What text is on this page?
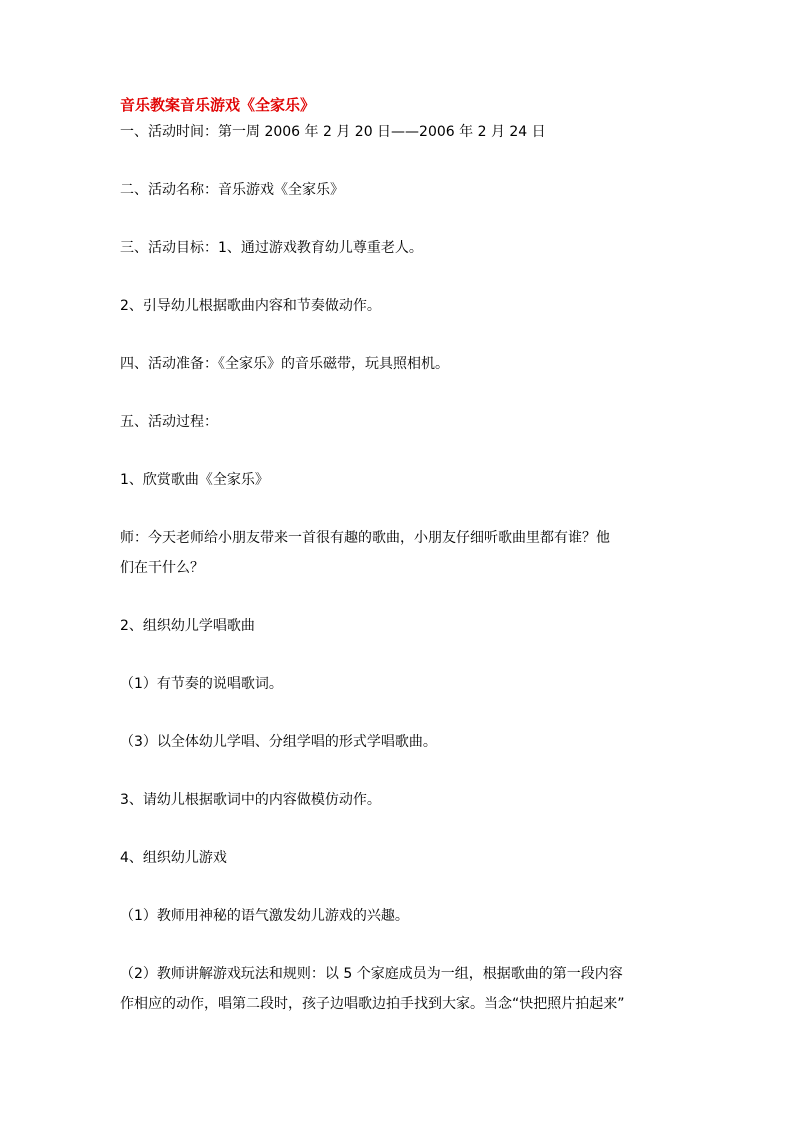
音乐教案音乐游戏《全家乐》
一、活动时间：第一周 2006 年 2 月 20 日——2006 年 2 月 24 日
二、活动名称：音乐游戏《全家乐》
三、活动目标：1、通过游戏教育幼儿尊重老人。
2、引导幼儿根据歌曲内容和节奏做动作。
四、活动准备：《全家乐》的音乐磁带，玩具照相机。
五、活动过程：
1、欣赏歌曲《全家乐》
师：今天老师给小朋友带来一首很有趣的歌曲，小朋友仔细听歌曲里都有谁？他
们在干什么？
2、组织幼儿学唱歌曲
（1）有节奏的说唱歌词。
（3）以全体幼儿学唱、分组学唱的形式学唱歌曲。
3、请幼儿根据歌词中的内容做模仿动作。
4、组织幼儿游戏
（1）教师用神秘的语气激发幼儿游戏的兴趣。
（2）教师讲解游戏玩法和规则：以 5 个家庭成员为一组，根据歌曲的第一段内容
作相应的动作，唱第二段时，孩子边唱歌边拍手找到大家。当念“快把照片拍起来”
